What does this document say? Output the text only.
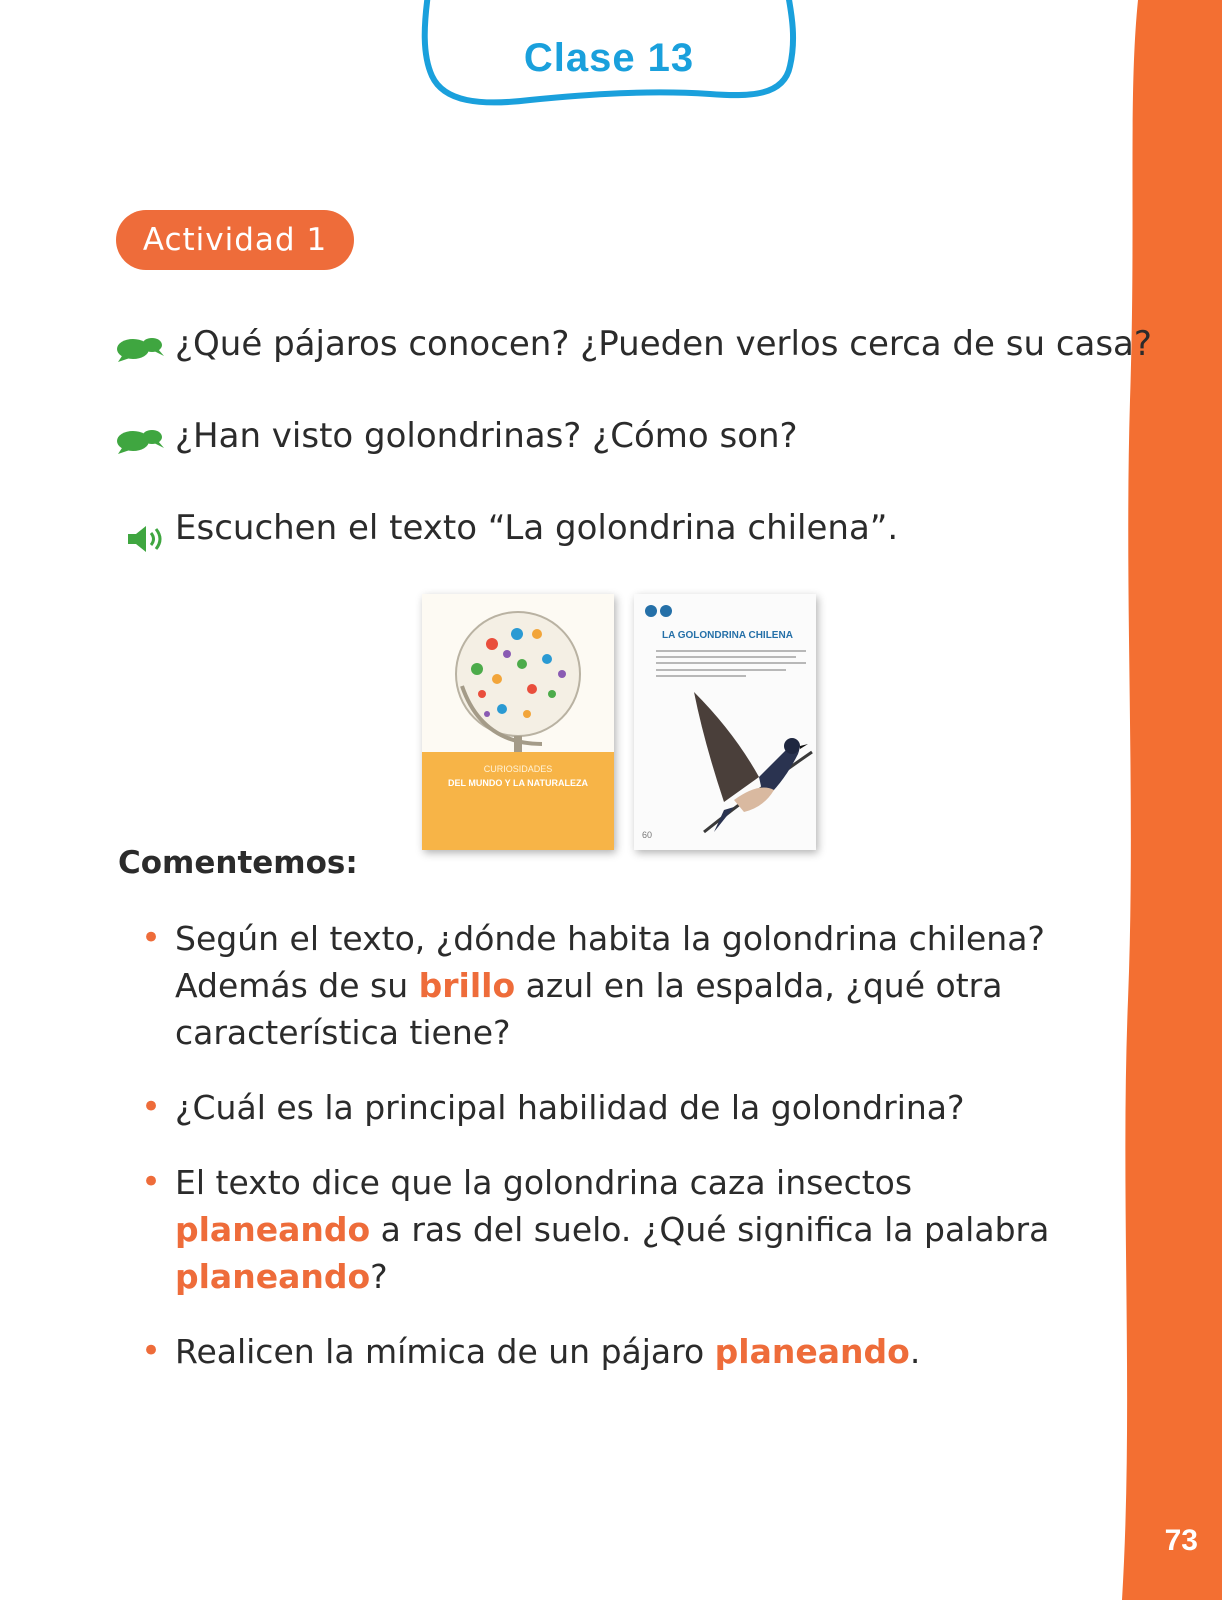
73
Clase 13
Actividad 1
¿Qué pájaros conocen? ¿Pueden verlos cerca de su casa?
¿Han visto golondrinas? ¿Cómo son?
Escuchen el texto “La golondrina chilena”.
CURIOSIDADES
DEL MUNDO Y LA NATURALEZA
LA GOLONDRINA CHILENA
60
Comentemos:
• Según el texto, ¿dónde habita la golondrina chilena? Además de su brillo azul en la espalda, ¿qué otra característica tiene?
• ¿Cuál es la principal habilidad de la golondrina?
• El texto dice que la golondrina caza insectos planeando a ras del suelo. ¿Qué significa la palabra planeando?
• Realicen la mímica de un pájaro planeando.
